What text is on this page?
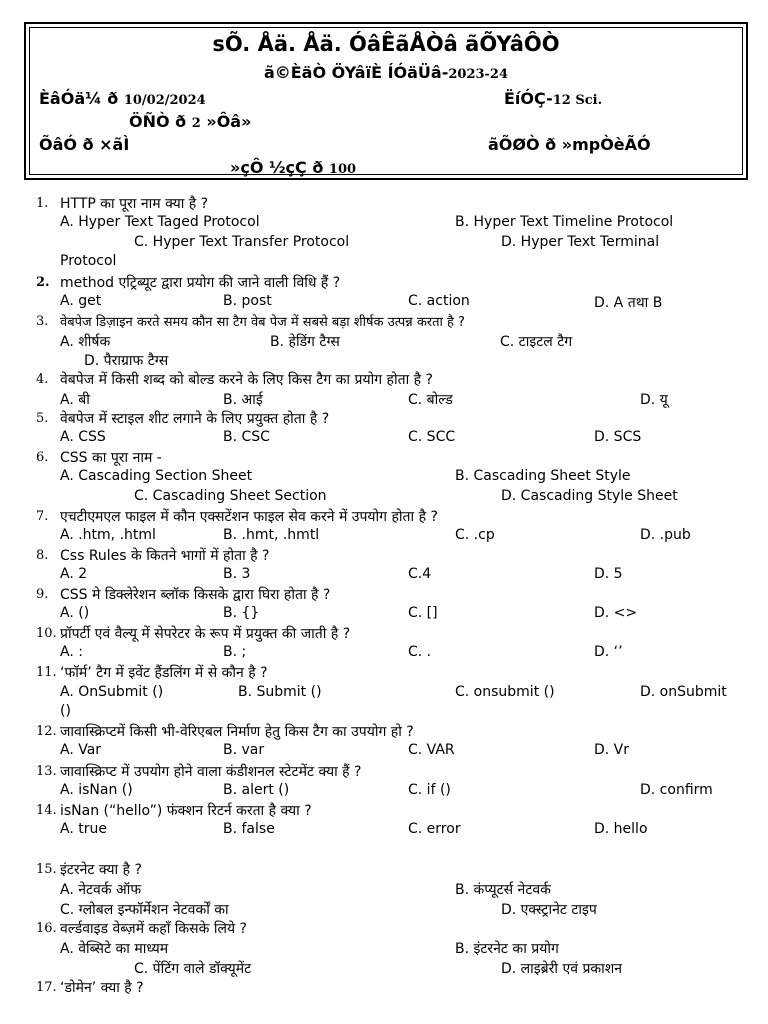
sÕ. Åä. Åä. ÓâÊãÅÒâ ãÕYâÔÒ
ã©ÈäÒ ÖYâïÈ ÍÓäÜâ-2023-24
ÈâÓä¼ ð 10/02/2024	ËíÓÇ-12 Sci.
ÖÑÒ ð 2 »Ôâ»
ÕâÓ ð ×ãÌ	ãÕØÒ ð »mpÒèÃÓ
»çÔ ½çÇ ð 100
1. HTTP का पूरा नाम क्या है ?
A. Hyper Text Taged Protocol	B. Hyper Text Timeline Protocol
C. Hyper Text Transfer Protocol	D. Hyper Text Terminal
Protocol
2. method एट्रिब्यूट द्वारा प्रयोग की जाने वाली विधि हैं ?
A. get	B. post	C. action	D. A तथा B
3. वेबपेज डिज़ाइन करते समय कौन सा टैग वेब पेज में सबसे बड़ा शीर्षक उत्पन्न करता है ?
A. शीर्षक	B. हेडिंग टैग्स	C. टाइटल टैग
D. पैराग्राफ टैग्स
4. वेबपेज में किसी शब्द को बोल्ड करने के लिए किस टैग का प्रयोग होता है ?
A. बी	B. आई	C. बोल्ड	D. यू
5. वेबपेज में स्टाइल शीट लगाने के लिए प्रयुक्त होता है ?
A. CSS	B. CSC	C. SCC	D. SCS
6. CSS का पूरा नाम -
A. Cascading Section Sheet	B. Cascading Sheet Style
C. Cascading Sheet Section	D. Cascading Style Sheet
7. एचटीएमएल फाइल में कौन एक्सटेंशन फाइल सेव करने में उपयोग होता है ?
A. .htm, .html	B. .hmt, .hmtl	C. .cp	D. .pub
8. Css Rules के कितने भागों में होता है ?
A. 2	B. 3	C.4	D. 5
9. CSS मे डिक्लेरेशन ब्लॉक किसके द्वारा घिरा होता है ?
A. ()	B. {}	C. []	D. <>
10. प्रॉपर्टी एवं वैल्यू में सेपरेटर के रूप में प्रयुक्त की जाती है ?
A. :	B. ;	C. .	D. ‘’
11. ‘फॉर्म’ टैग में इवेंट हैंडलिंग में से कौन है ?
A. OnSubmit ()	B. Submit ()	C. onsubmit ()	D. onSubmit
()
12. जावास्क्रिप्टमें किसी भी-वेरिएबल निर्माण हेतु किस टैग का उपयोग हो ?
A. Var	B. var	C. VAR	D. Vr
13. जावास्क्रिप्ट में उपयोग होने वाला कंडीशनल स्टेटमेंट क्या हैं ?
A. isNan ()	B. alert ()	C. if ()	D. confirm
14. isNan (“hello”) फंक्शन रिटर्न करता है क्या ?
A. true	B. false	C. error	D. hello
15. इंटरनेट क्या है ?
A. नेटवर्क ऑफ	B. कंप्यूटर्स नेटवर्क
C. ग्लोबल इन्फॉर्मेशन नेटवर्कों का	D. एक्स्ट्रानेट टाइप
16. वर्ल्डवाइड वेब्ज़में कहाँ किसके लिये ?
A. वेब्सिटे का माध्यम	B. इंटरनेट का प्रयोग
C. पेंटिंग वाले डॉक्यूमेंट	D. लाइब्रेरी एवं प्रकाशन
17. ‘डोमेन’ क्या है ?
